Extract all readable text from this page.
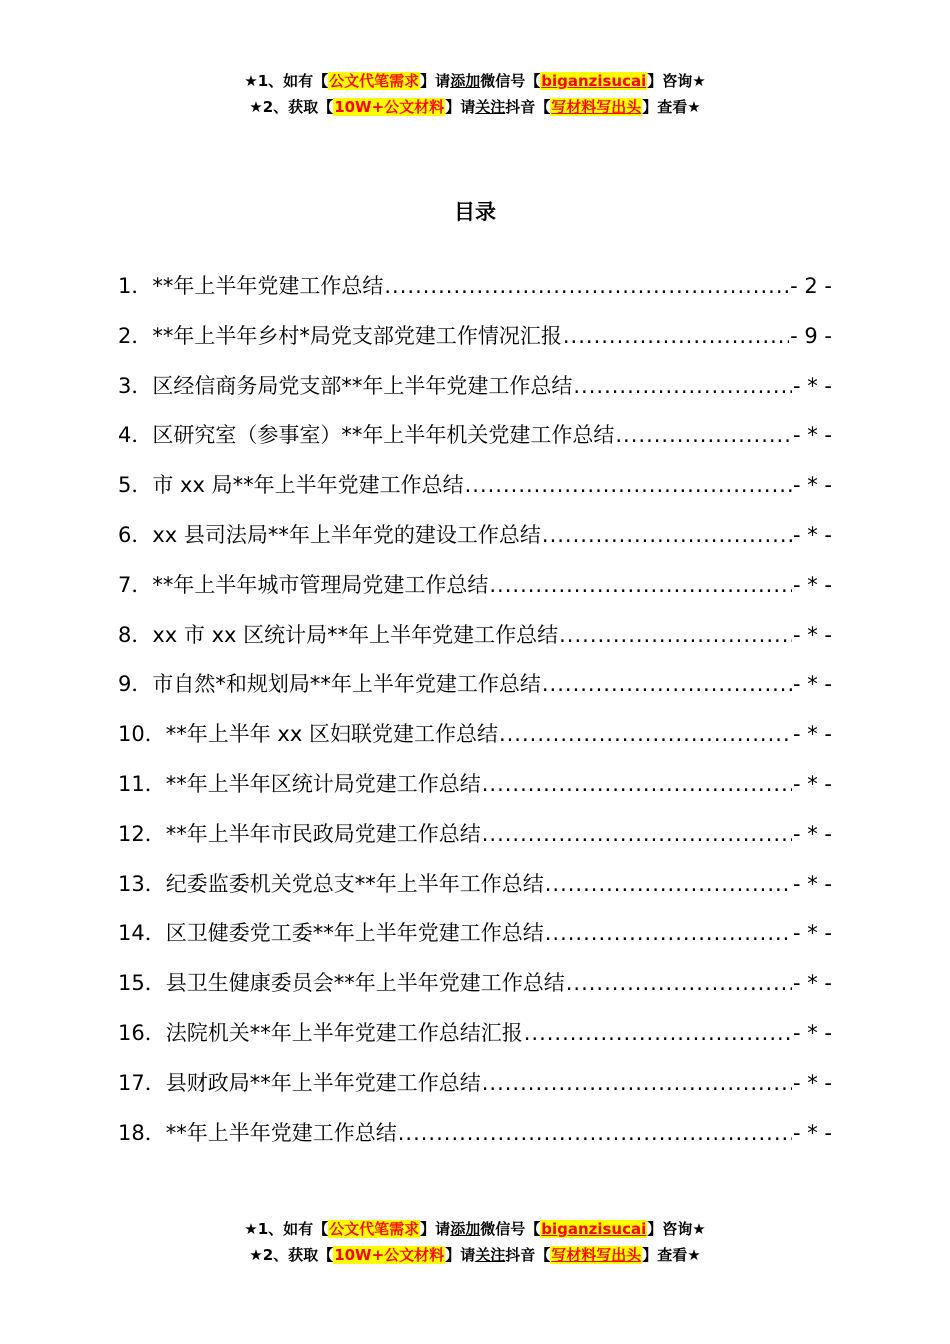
★1、如有【公文代笔需求】请添加微信号【biganzisucai】咨询★
★2、获取【10W+公文材料】请关注抖音【写材料写出头】查看★
目录
1． **年上半年党建工作总结 .....	- 2 -
2． **年上半年乡村*局党支部党建工作情况汇报 .....	- 9 -
3． 区经信商务局党支部**年上半年党建工作总结 .....	- * -
4． 区研究室（参事室）**年上半年机关党建工作总结 .....	- * -
5． 市 xx 局**年上半年党建工作总结 .....	- * -
6． xx 县司法局**年上半年党的建设工作总结 .....	- * -
7． **年上半年城市管理局党建工作总结 .....	- * -
8． xx 市 xx 区统计局**年上半年党建工作总结 .....	- * -
9． 市自然*和规划局**年上半年党建工作总结 .....	- * -
10． **年上半年 xx 区妇联党建工作总结 .....	- * -
11． **年上半年区统计局党建工作总结 .....	- * -
12． **年上半年市民政局党建工作总结 .....	- * -
13． 纪委监委机关党总支**年上半年工作总结 .....	- * -
14． 区卫健委党工委**年上半年党建工作总结 .....	- * -
15． 县卫生健康委员会**年上半年党建工作总结 .....	- * -
16． 法院机关**年上半年党建工作总结汇报 .....	- * -
17． 县财政局**年上半年党建工作总结 .....	- * -
18． **年上半年党建工作总结 .....	- * -
★1、如有【公文代笔需求】请添加微信号【biganzisucai】咨询★
★2、获取【10W+公文材料】请关注抖音【写材料写出头】查看★
